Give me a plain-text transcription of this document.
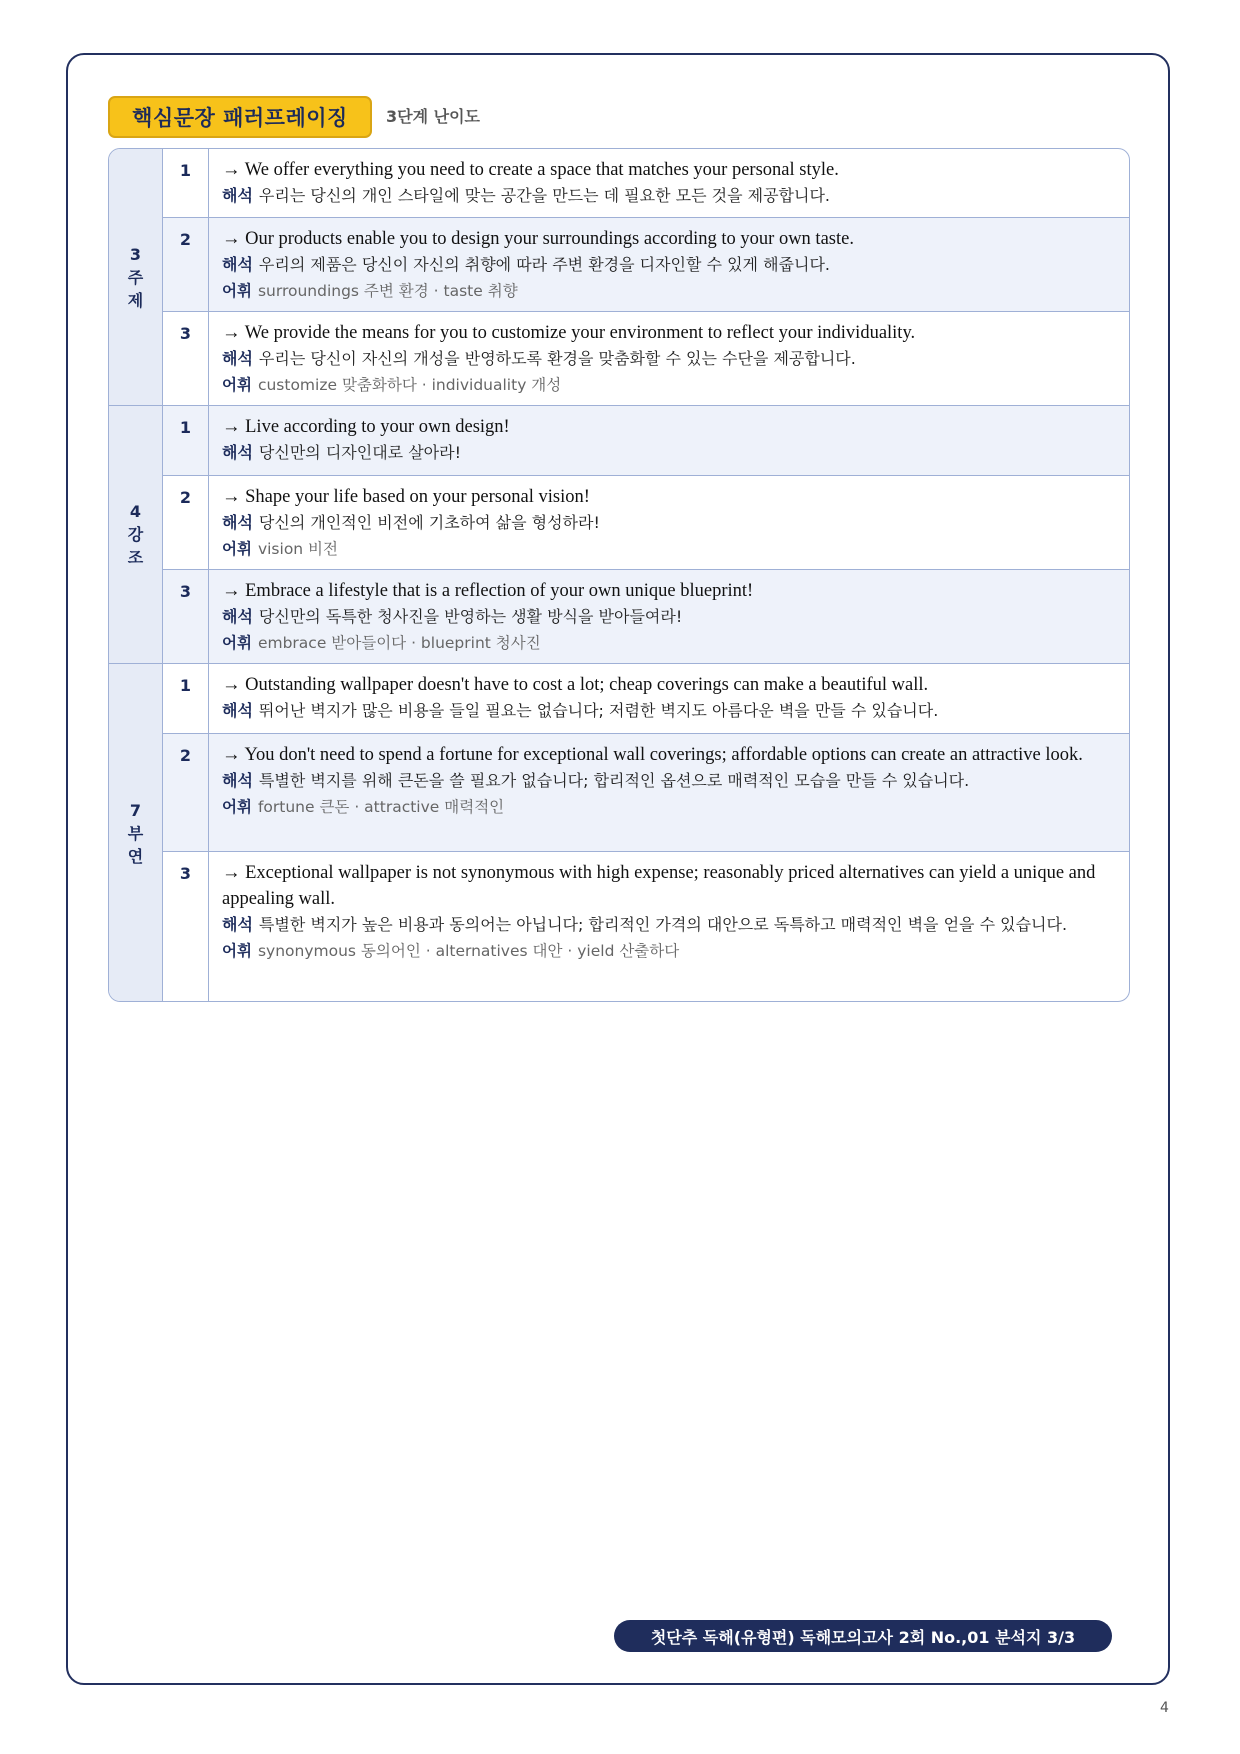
핵심문장 패러프레이징	3단계 난이도
3
주
제
1	→ We offer everything you need to create a space that matches your personal style.
해석 우리는 당신의 개인 스타일에 맞는 공간을 만드는 데 필요한 모든 것을 제공합니다.
2	→ Our products enable you to design your surroundings according to your own taste.
해석 우리의 제품은 당신이 자신의 취향에 따라 주변 환경을 디자인할 수 있게 해줍니다.
어휘 surroundings 주변 환경 · taste 취향
3	→ We provide the means for you to customize your environment to reflect your individuality.
해석 우리는 당신이 자신의 개성을 반영하도록 환경을 맞춤화할 수 있는 수단을 제공합니다.
어휘 customize 맞춤화하다 · individuality 개성
4
강
조
1	→ Live according to your own design!
해석 당신만의 디자인대로 살아라!
2	→ Shape your life based on your personal vision!
해석 당신의 개인적인 비전에 기초하여 삶을 형성하라!
어휘 vision 비전
3	→ Embrace a lifestyle that is a reflection of your own unique blueprint!
해석 당신만의 독특한 청사진을 반영하는 생활 방식을 받아들여라!
어휘 embrace 받아들이다 · blueprint 청사진
7
부
연
1	→ Outstanding wallpaper doesn't have to cost a lot; cheap coverings can make a beautiful wall.
해석 뛰어난 벽지가 많은 비용을 들일 필요는 없습니다; 저렴한 벽지도 아름다운 벽을 만들 수 있습니다.
2	→ You don't need to spend a fortune for exceptional wall coverings; affordable options can create an attractive look.
해석 특별한 벽지를 위해 큰돈을 쓸 필요가 없습니다; 합리적인 옵션으로 매력적인 모습을 만들 수 있습니다.
어휘 fortune 큰돈 · attractive 매력적인
3	→ Exceptional wallpaper is not synonymous with high expense; reasonably priced alternatives can yield a unique and appealing wall.
해석 특별한 벽지가 높은 비용과 동의어는 아닙니다; 합리적인 가격의 대안으로 독특하고 매력적인 벽을 얻을 수 있습니다.
어휘 synonymous 동의어인 · alternatives 대안 · yield 산출하다
첫단추 독해(유형편) 독해모의고사 2회 No.,01 분석지 3/3
4
